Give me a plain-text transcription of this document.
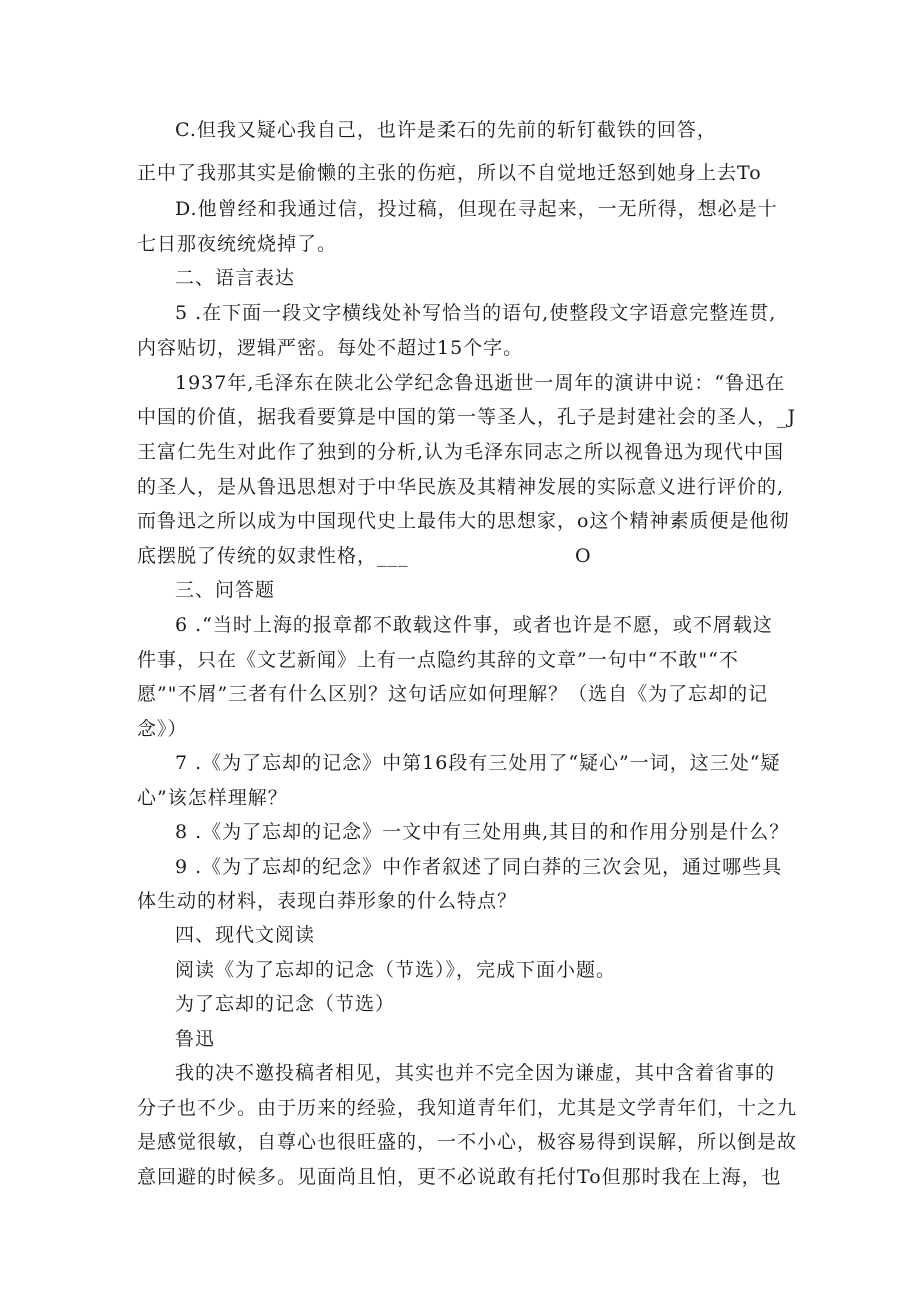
C.但我又疑心我自己，也许是柔石的先前的斩钉截铁的回答，
正中了我那其实是偷懒的主张的伤疤，所以不自觉地迁怒到她身上去To
D.他曾经和我通过信，投过稿，但现在寻起来，一无所得，想必是十
七日那夜统统烧掉了。
二、语言表达
5 .在下面一段文字横线处补写恰当的语句,使整段文字语意完整连贯,
内容贴切，逻辑严密。每处不超过15个字。
1937年,毛泽东在陕北公学纪念鲁迅逝世一周年的演讲中说：“鲁迅在
中国的价值，据我看要算是中国的第一等圣人，孔子是封建社会的圣人，_J
王富仁先生对此作了独到的分析,认为毛泽东同志之所以视鲁迅为现代中国
的圣人，是从鲁迅思想对于中华民族及其精神发展的实际意义进行评价的,
而鲁迅之所以成为中国现代史上最伟大的思想家，o这个精神素质便是他彻
底摆脱了传统的奴隶性格，___	O
三、问答题
6 .“当时上海的报章都不敢载这件事，或者也许是不愿，或不屑载这
件事，只在《文艺新闻》上有一点隐约其辞的文章”一句中“不敢"“不
愿”"不屑”三者有什么区别？这句话应如何理解？（选自《为了忘却的记
念》）
7 .《为了忘却的记念》中第16段有三处用了“疑心”一词，这三处“疑
心”该怎样理解？
8 .《为了忘却的记念》一文中有三处用典,其目的和作用分别是什么？
9 .《为了忘却的纪念》中作者叙述了同白莽的三次会见，通过哪些具
体生动的材料，表现白莽形象的什么特点？
四、现代文阅读
阅读《为了忘却的记念（节选）》，完成下面小题。
为了忘却的记念（节选）
鲁迅
我的决不邀投稿者相见，其实也并不完全因为谦虚，其中含着省事的
分子也不少。由于历来的经验，我知道青年们，尤其是文学青年们，十之九
是感觉很敏，自尊心也很旺盛的，一不小心，极容易得到误解，所以倒是故
意回避的时候多。见面尚且怕，更不必说敢有托付To但那时我在上海，也
